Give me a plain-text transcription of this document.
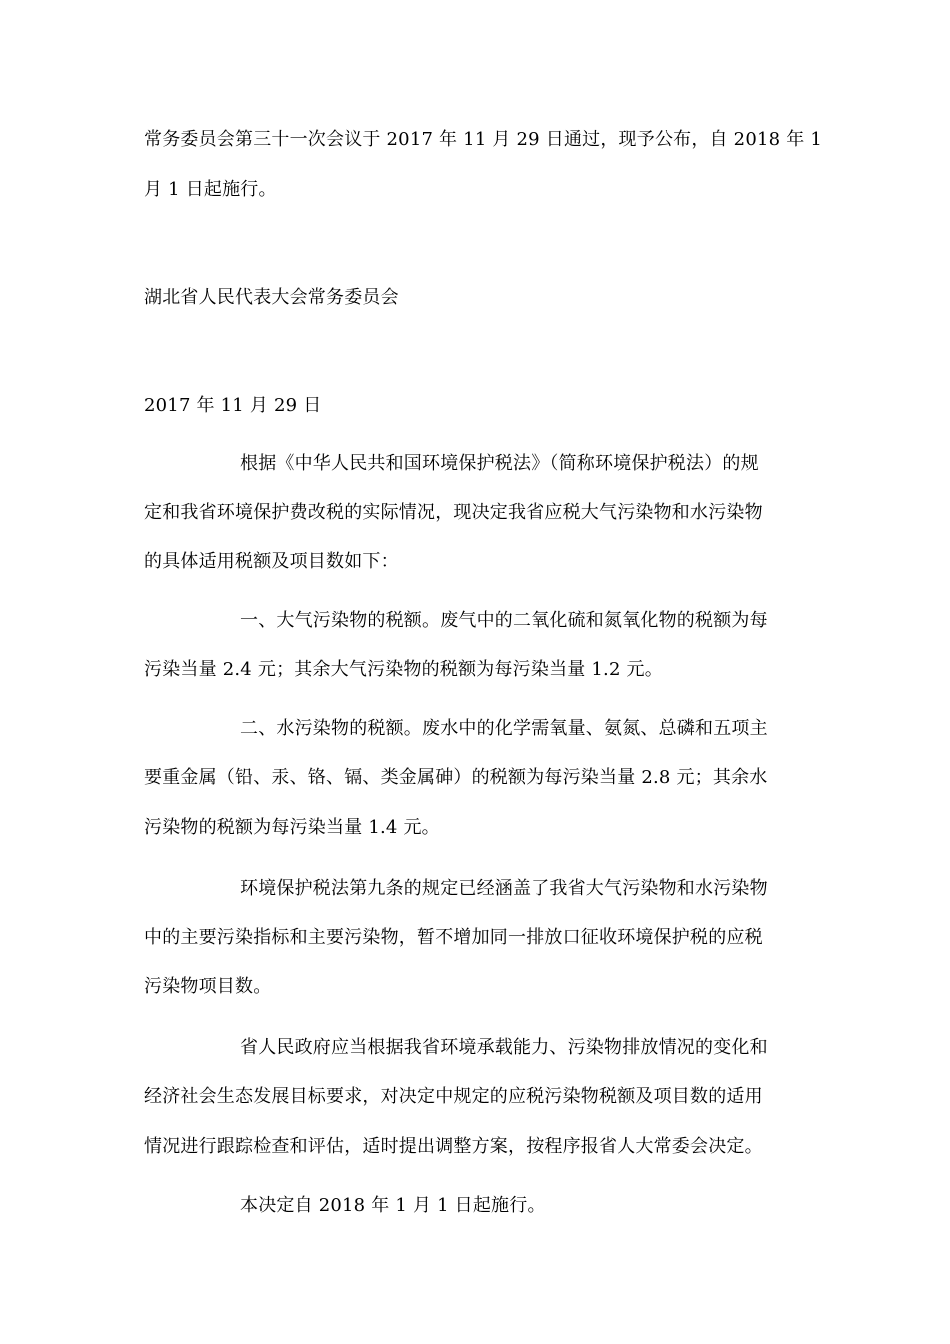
常务委员会第三十一次会议于 2017 年 11 月 29 日通过，现予公布，自 2018 年 1
月 1 日起施行。
湖北省人民代表大会常务委员会
2017 年 11 月 29 日
根据《中华人民共和国环境保护税法》（简称环境保护税法）的规
定和我省环境保护费改税的实际情况，现决定我省应税大气污染物和水污染物
的具体适用税额及项目数如下：
一、大气污染物的税额。废气中的二氧化硫和氮氧化物的税额为每
污染当量 2.4 元；其余大气污染物的税额为每污染当量 1.2 元。
二、水污染物的税额。废水中的化学需氧量、氨氮、总磷和五项主
要重金属（铅、汞、铬、镉、类金属砷）的税额为每污染当量 2.8 元；其余水
污染物的税额为每污染当量 1.4 元。
环境保护税法第九条的规定已经涵盖了我省大气污染物和水污染物
中的主要污染指标和主要污染物，暂不增加同一排放口征收环境保护税的应税
污染物项目数。
省人民政府应当根据我省环境承载能力、污染物排放情况的变化和
经济社会生态发展目标要求，对决定中规定的应税污染物税额及项目数的适用
情况进行跟踪检查和评估，适时提出调整方案，按程序报省人大常委会决定。
本决定自 2018 年 1 月 1 日起施行。
